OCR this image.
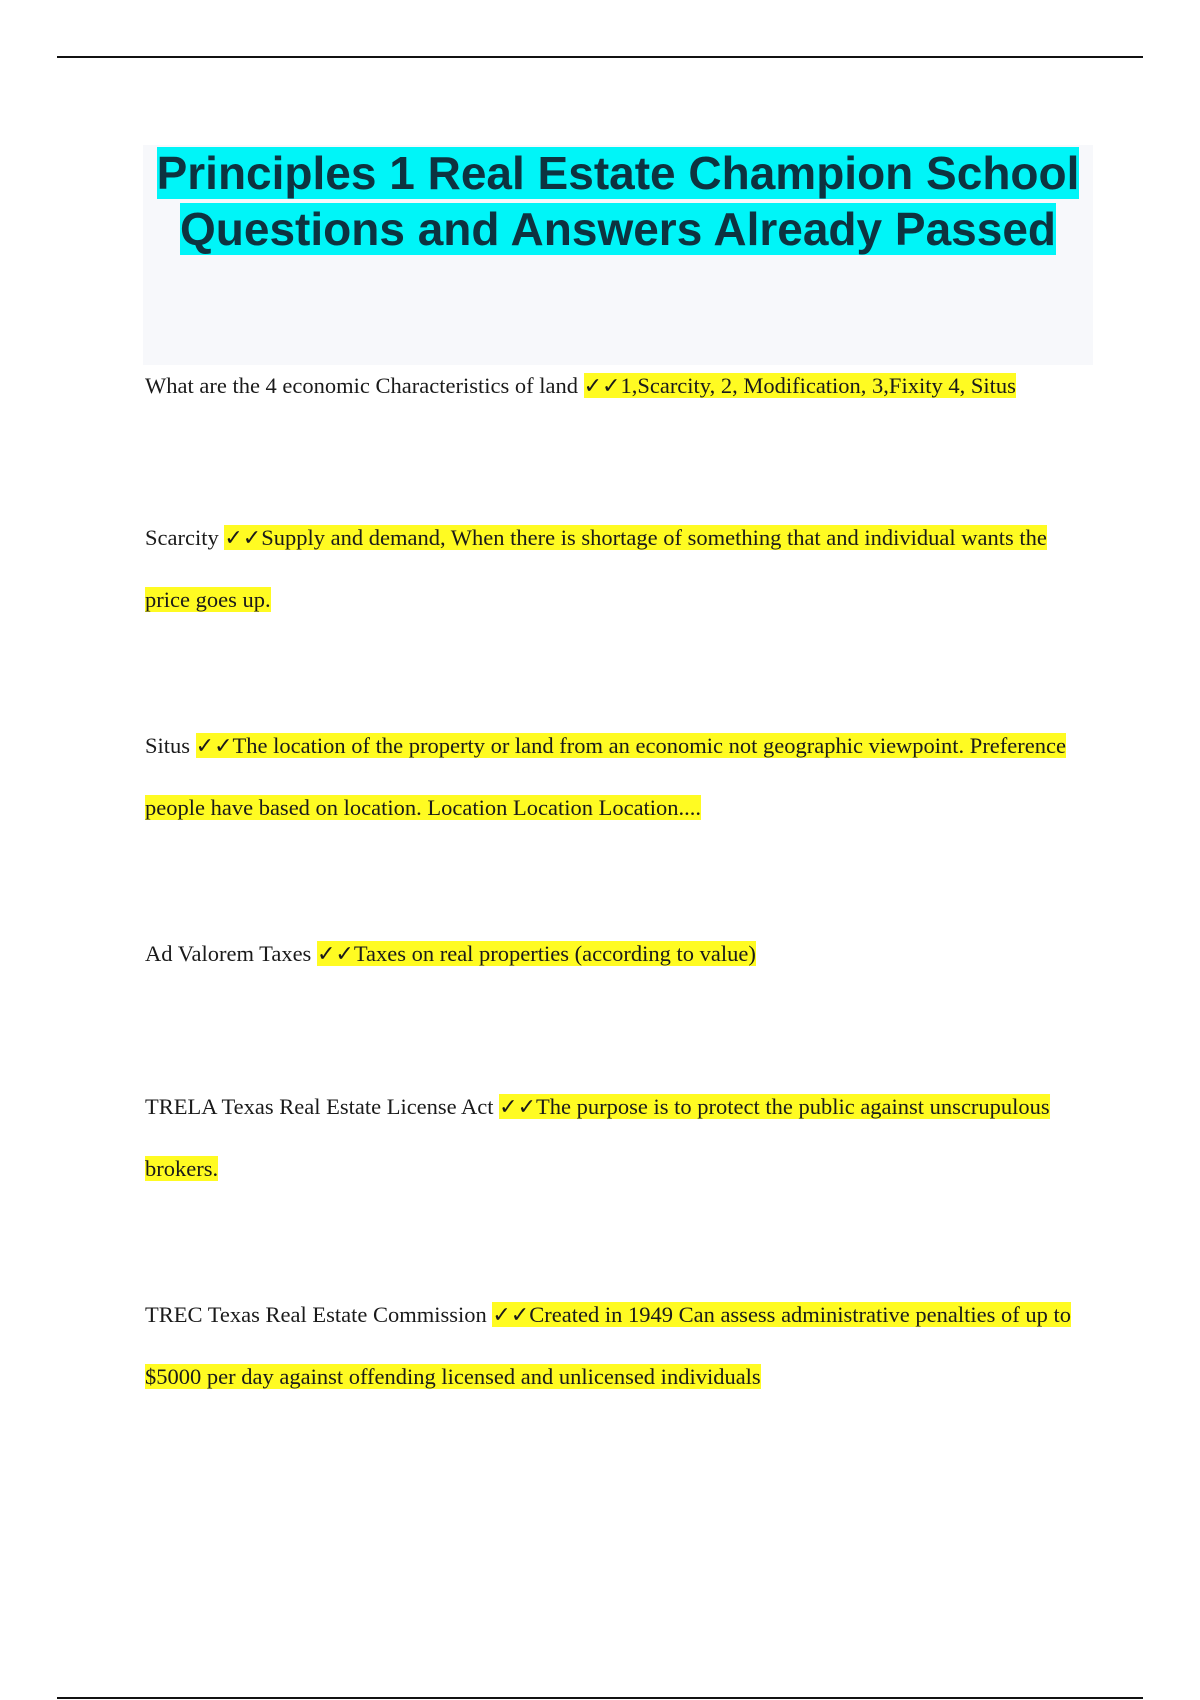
Principles 1 Real Estate Champion School Questions and Answers Already Passed

What are the 4 economic Characteristics of land ✓✓1,Scarcity, 2, Modification, 3,Fixity 4, Situs

Scarcity ✓✓Supply and demand, When there is shortage of something that and individual wants the price goes up.

Situs ✓✓The location of the property or land from an economic not geographic viewpoint. Preference people have based on location. Location Location Location....

Ad Valorem Taxes ✓✓Taxes on real properties (according to value)

TRELA Texas Real Estate License Act ✓✓The purpose is to protect the public against unscrupulous brokers.

TREC Texas Real Estate Commission ✓✓Created in 1949 Can assess administrative penalties of up to $5000 per day against offending licensed and unlicensed individuals
